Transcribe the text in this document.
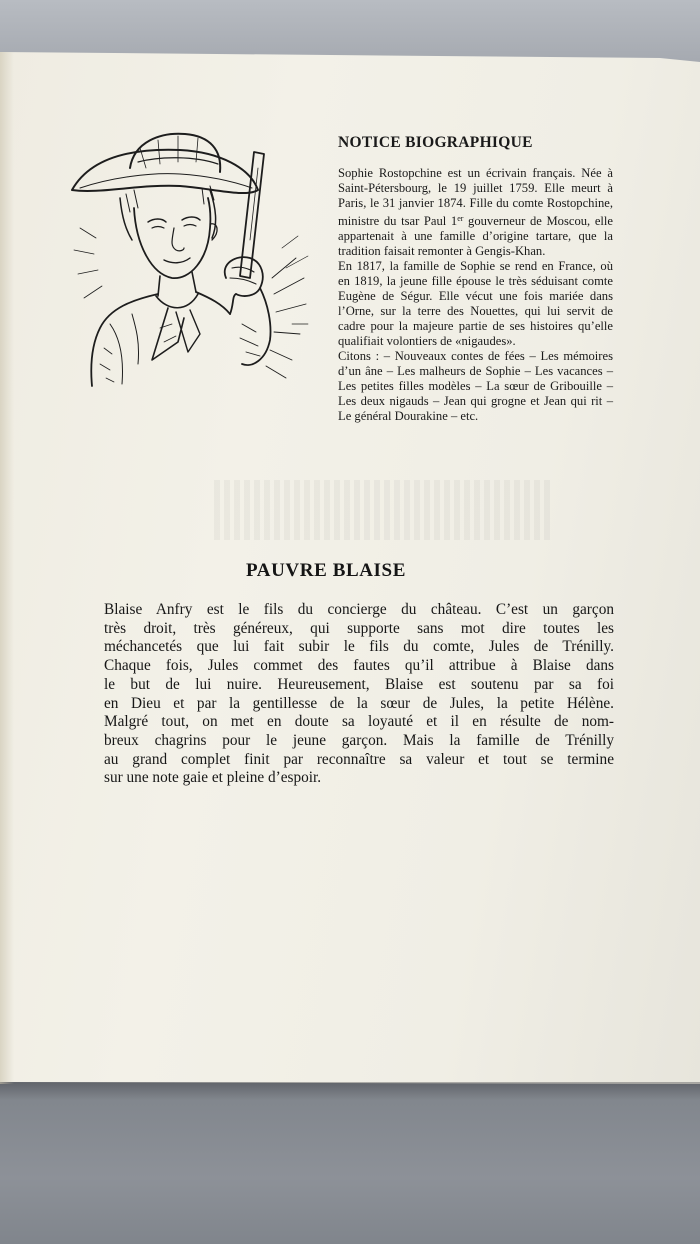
NOTICE BIOGRAPHIQUE

Sophie Rostopchine est un écrivain français. Née à Saint-Pétersbourg, le 19 juillet 1759. Elle meurt à Paris, le 31 janvier 1874. Fille du comte Rostopchine, ministre du tsar Paul 1er gouverneur de Moscou, elle appartenait à une famille d’origine tartare, que la tradition faisait remonter à Gengis-Khan.

En 1817, la famille de Sophie se rend en France, où en 1819, la jeune fille épouse le très séduisant comte Eugène de Ségur. Elle vécut une fois mariée dans l’Orne, sur la terre des Nouettes, qui lui servit de cadre pour la majeure partie de ses histoires qu’elle qualifiait volontiers de «nigaudes».

Citons : – Nouveaux contes de fées – Les mémoires d’un âne – Les malheurs de Sophie – Les vacances – Les petites filles modèles – La sœur de Gribouille – Les deux nigauds – Jean qui grogne et Jean qui rit – Le général Dourakine – etc.

PAUVRE BLAISE
Blaise Anfry est le fils du concierge du château. C’est un garçon
très droit, très généreux, qui supporte sans mot dire toutes les
méchancetés que lui fait subir le fils du comte, Jules de Trénilly.
Chaque fois, Jules commet des fautes qu’il attribue à Blaise dans
le but de lui nuire. Heureusement, Blaise est soutenu par sa foi
en Dieu et par la gentillesse de la sœur de Jules, la petite Hélène.
Malgré tout, on met en doute sa loyauté et il en résulte de nom-
breux chagrins pour le jeune garçon. Mais la famille de Trénilly
au grand complet finit par reconnaître sa valeur et tout se termine
sur une note gaie et pleine d’espoir.
